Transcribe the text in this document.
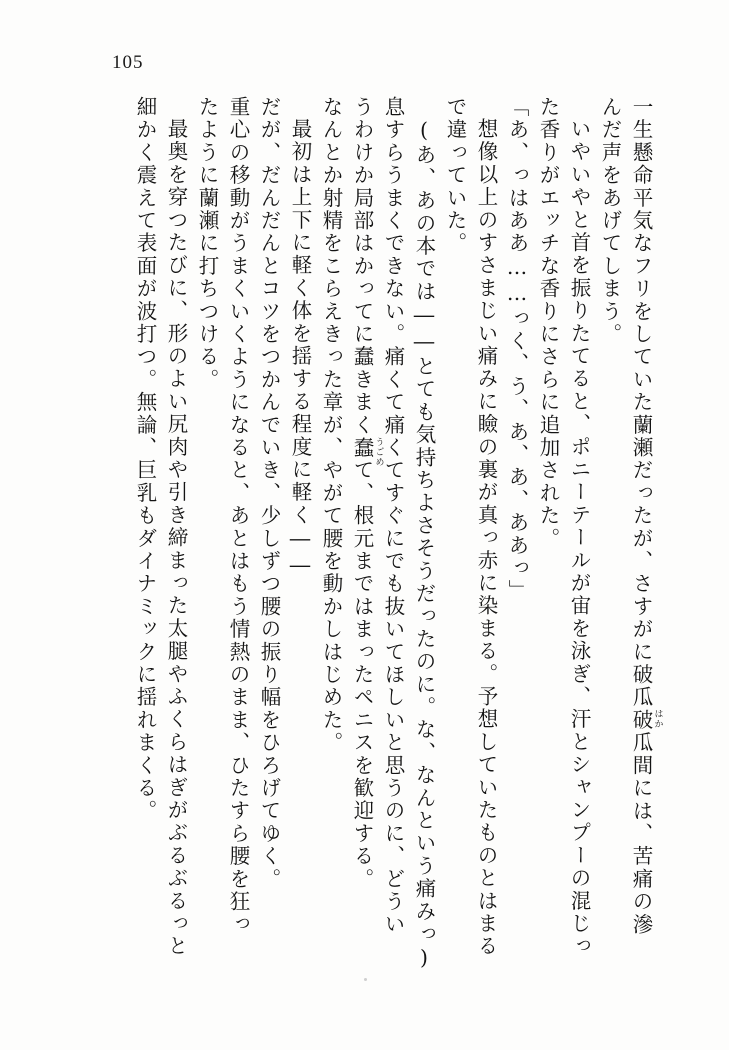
105
一生懸命平気なフリをしていた蘭瀬だったが、さすがに破瓜破瓜 はか
間には、苦痛の滲
んだ声をあげてしまう。
いやいやと首を振りたてると、ポニーテールが宙を泳ぎ、汗とシャンプーの混じっ
た香りがエッチな香りにさらに追加された。
「あ、っはああ……っく、う、あ、あ、ああっ」
想像以上のすさまじい痛みに瞼の裏が真っ赤に染まる。予想していたものとはまる
で違っていた。
(あ、あの本では――とても気持ちよさそうだったのに。な、なんという痛みっ)
息すらうまくできない。痛くて痛くてすぐにでも抜いてほしいと思うのに、どうい
うわけか局部はかってに蠢きまく蠢 うごめ
て、根元まではまったペニスを歓迎する。
なんとか射精をこらえきった章が、やがて腰を動かしはじめた。
最初は上下に軽く体を揺する程度に軽く――
だが、だんだんとコツをつかんでいき、少しずつ腰の振り幅をひろげてゆく。
重心の移動がうまくいくようになると、あとはもう情熱のまま、ひたすら腰を狂っ
たように蘭瀬に打ちつける。
最奥を穿つたびに、形のよい尻肉や引き締まった太腿やふくらはぎがぶるぶるっと
細かく震えて表面が波打つ。無論、巨乳もダイナミックに揺れまくる。
